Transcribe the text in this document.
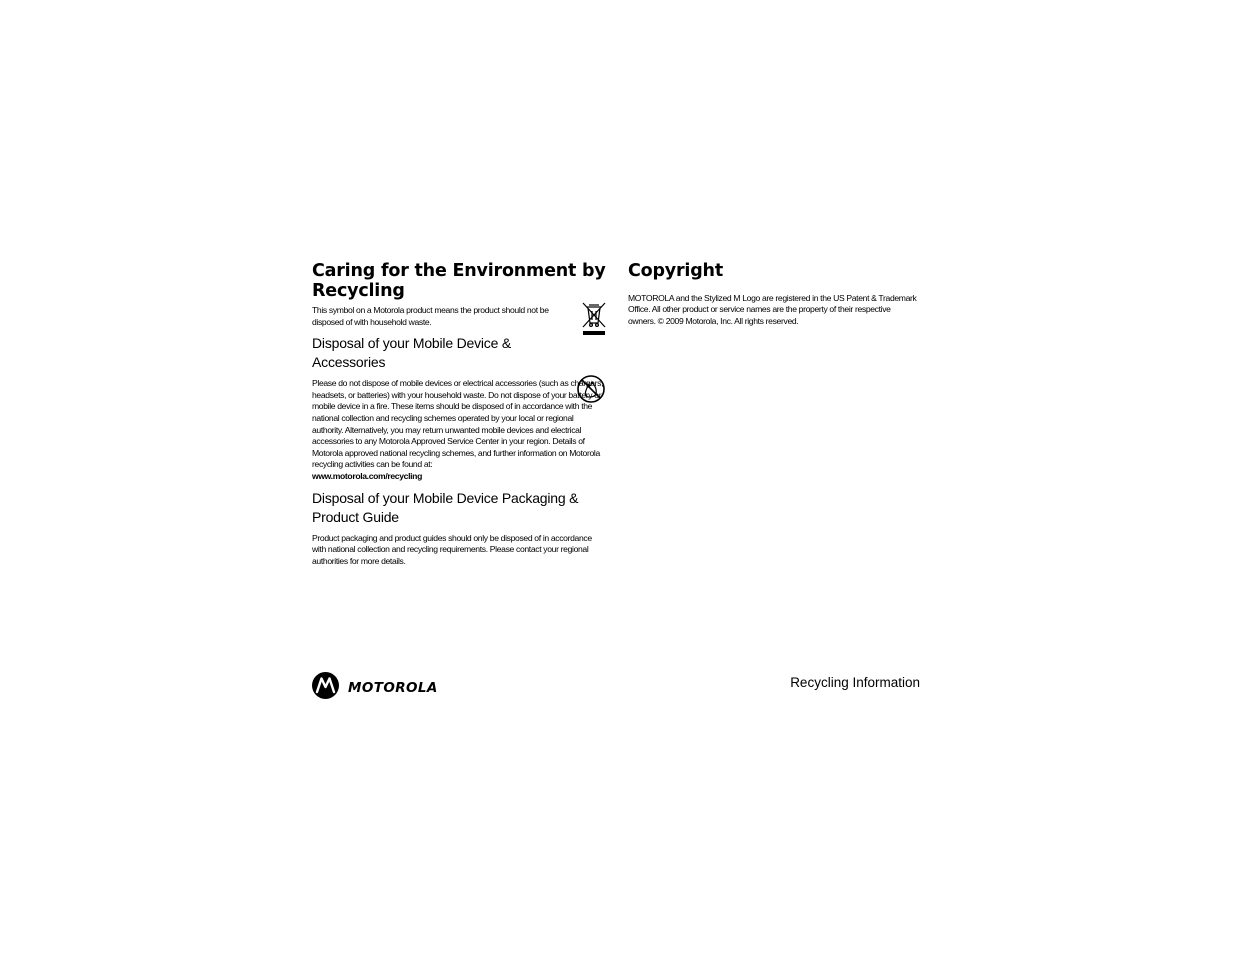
Caring for the Environment by Recycling

This symbol on a Motorola product means the product should not be disposed of with household waste.

Disposal of your Mobile Device & Accessories

Please do not dispose of mobile devices or electrical accessories (such as chargers, headsets, or batteries) with your household waste. Do not dispose of your battery or mobile device in a fire. These items should be disposed of in accordance with the national collection and recycling schemes operated by your local or regional authority. Alternatively, you may return unwanted mobile devices and electrical accessories to any Motorola Approved Service Center in your region. Details of Motorola approved national recycling schemes, and further information on Motorola recycling activities can be found at:
www.motorola.com/recycling

Disposal of your Mobile Device Packaging & Product Guide

Product packaging and product guides should only be disposed of in accordance with national collection and recycling requirements. Please contact your regional authorities for more details.

Copyright

MOTOROLA and the Stylized M Logo are registered in the US Patent & Trademark Office. All other product or service names are the property of their respective owners. © 2009 Motorola, Inc. All rights reserved.

MOTOROLA	Recycling Information
